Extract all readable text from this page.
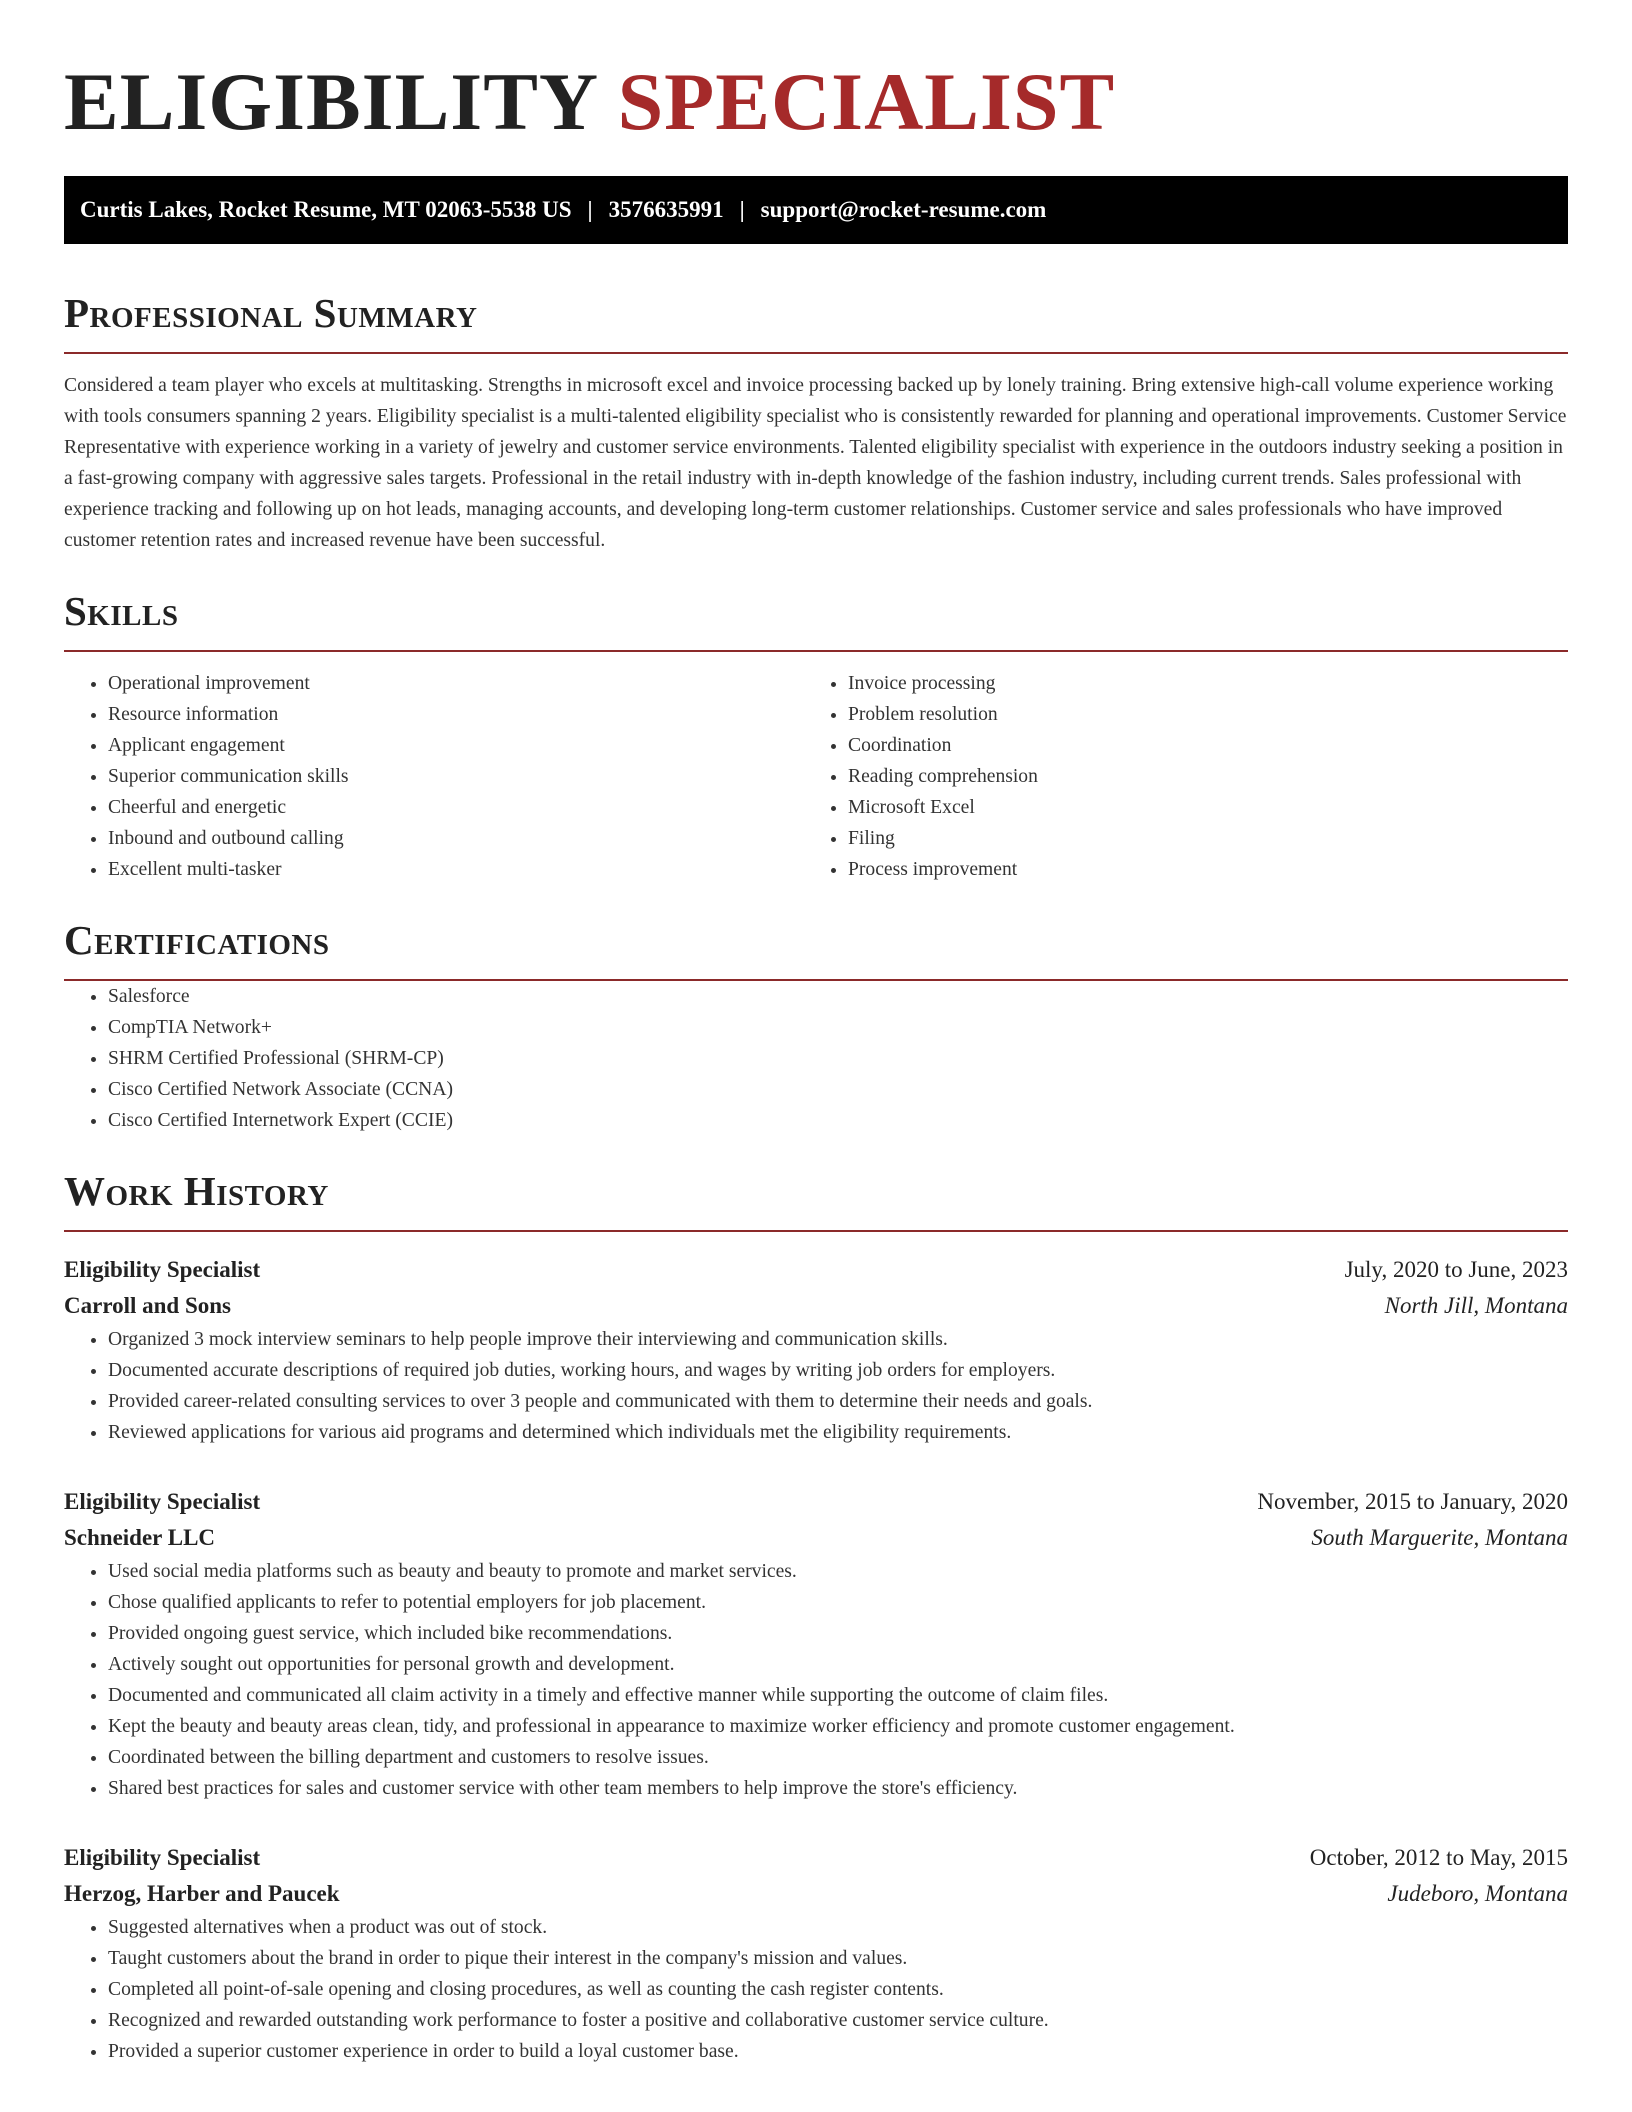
ELIGIBILITY SPECIALIST
Curtis Lakes, Rocket Resume, MT 02063-5538 US | 3576635991 | support@rocket-resume.com
Professional Summary

Considered a team player who excels at multitasking. Strengths in microsoft excel and invoice processing backed up by lonely training. Bring extensive high-call volume experience working with tools consumers spanning 2 years. Eligibility specialist is a multi-talented eligibility specialist who is consistently rewarded for planning and operational improvements. Customer Service Representative with experience working in a variety of jewelry and customer service environments. Talented eligibility specialist with experience in the outdoors industry seeking a position in a fast-growing company with aggressive sales targets. Professional in the retail industry with in-depth knowledge of the fashion industry, including current trends. Sales professional with experience tracking and following up on hot leads, managing accounts, and developing long-term customer relationships. Customer service and sales professionals who have improved customer retention rates and increased revenue have been successful.

Skills
• Operational improvement
• Resource information
• Applicant engagement
• Superior communication skills
• Cheerful and energetic
• Inbound and outbound calling
• Excellent multi-tasker
• Invoice processing
• Problem resolution
• Coordination
• Reading comprehension
• Microsoft Excel
• Filing
• Process improvement
Certifications
• Salesforce
• CompTIA Network+
• SHRM Certified Professional (SHRM-CP)
• Cisco Certified Network Associate (CCNA)
• Cisco Certified Internetwork Expert (CCIE)
Work History
Eligibility Specialist	July, 2020 to June, 2023
Carroll and Sons	North Jill, Montana
• Organized 3 mock interview seminars to help people improve their interviewing and communication skills.
• Documented accurate descriptions of required job duties, working hours, and wages by writing job orders for employers.
• Provided career-related consulting services to over 3 people and communicated with them to determine their needs and goals.
• Reviewed applications for various aid programs and determined which individuals met the eligibility requirements.
Eligibility Specialist	November, 2015 to January, 2020
Schneider LLC	South Marguerite, Montana
• Used social media platforms such as beauty and beauty to promote and market services.
• Chose qualified applicants to refer to potential employers for job placement.
• Provided ongoing guest service, which included bike recommendations.
• Actively sought out opportunities for personal growth and development.
• Documented and communicated all claim activity in a timely and effective manner while supporting the outcome of claim files.
• Kept the beauty and beauty areas clean, tidy, and professional in appearance to maximize worker efficiency and promote customer engagement.
• Coordinated between the billing department and customers to resolve issues.
• Shared best practices for sales and customer service with other team members to help improve the store's efficiency.
Eligibility Specialist	October, 2012 to May, 2015
Herzog, Harber and Paucek	Judeboro, Montana
• Suggested alternatives when a product was out of stock.
• Taught customers about the brand in order to pique their interest in the company's mission and values.
• Completed all point-of-sale opening and closing procedures, as well as counting the cash register contents.
• Recognized and rewarded outstanding work performance to foster a positive and collaborative customer service culture.
• Provided a superior customer experience in order to build a loyal customer base.
